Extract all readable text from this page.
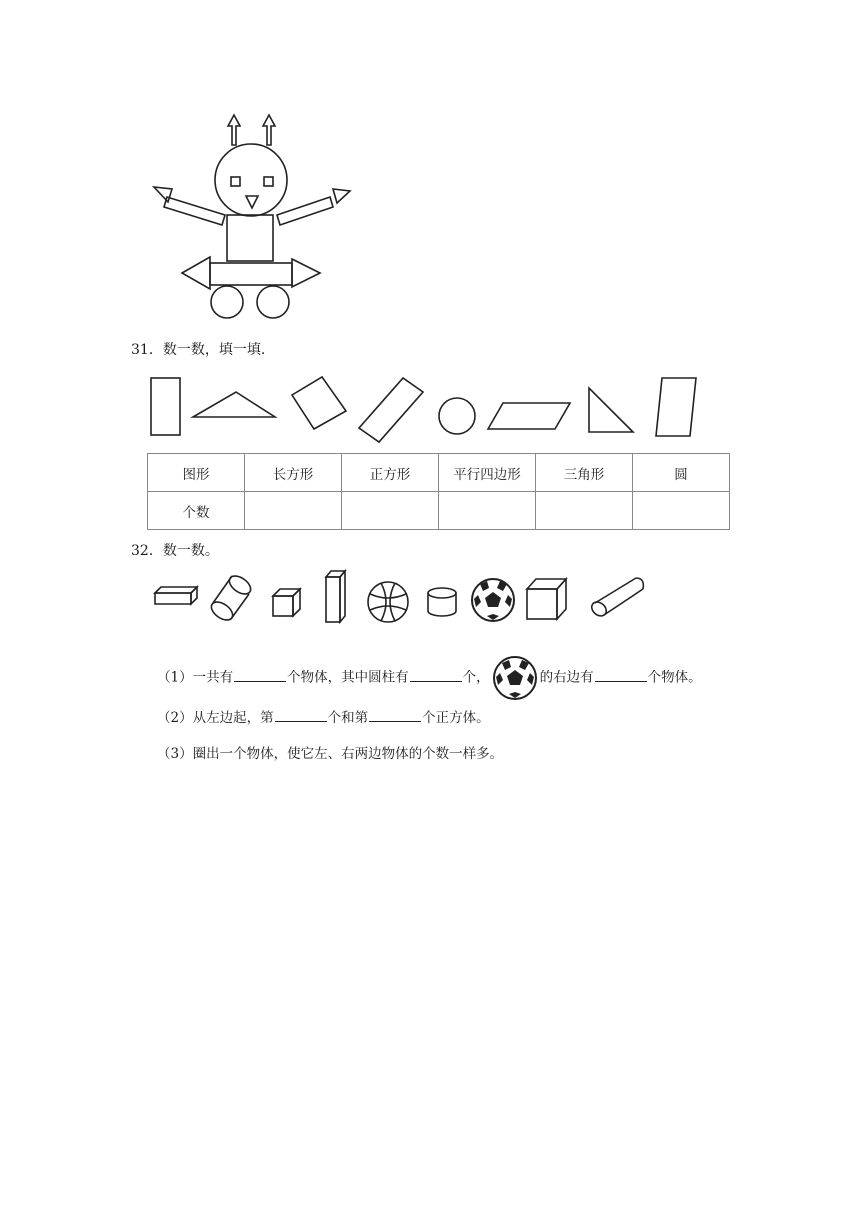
31．数一数，填一填.
图形	长方形	正方形	平行四边形	三角形	圆
个数					
32．数一数。
（1）一共有	个物体，其中圆柱有	个，	的右边有	个物体。
（2）从左边起，第	个和第	个正方体。
（3）圈出一个物体，使它左、右两边物体的个数一样多。
